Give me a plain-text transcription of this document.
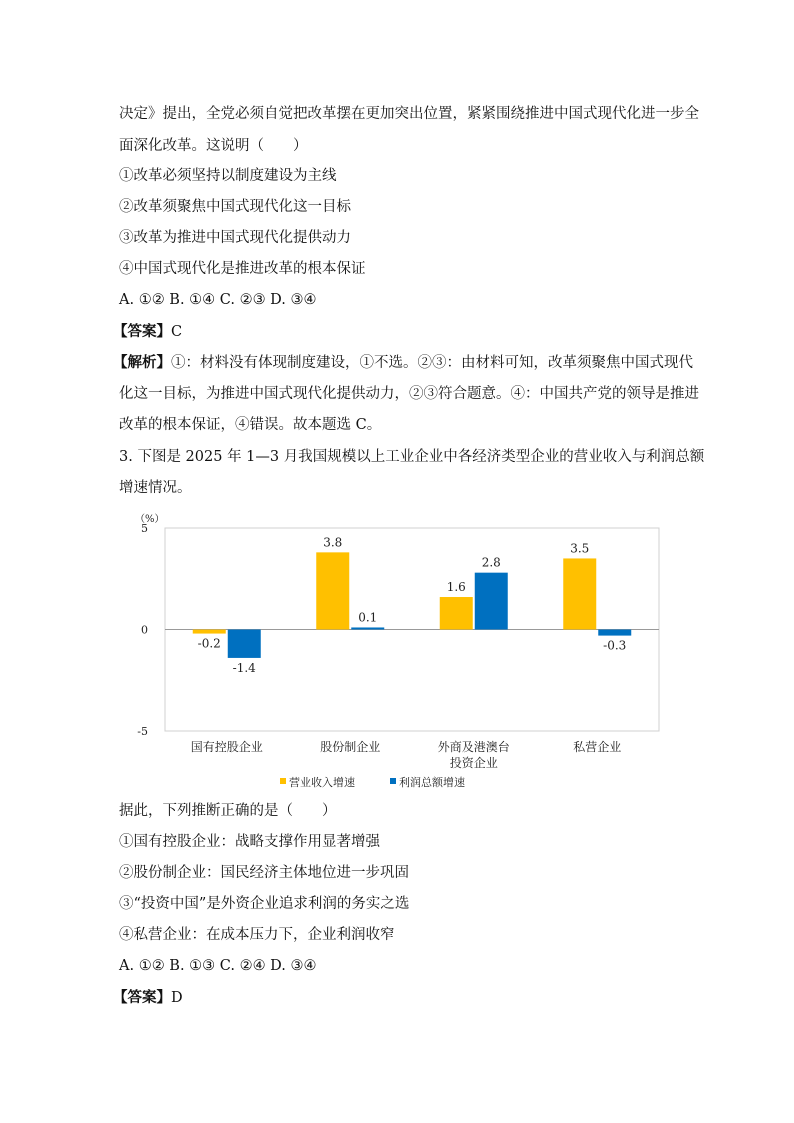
决定》提出，全党必须自觉把改革摆在更加突出位置，紧紧围绕推进中国式现代化进一步全
面深化改革。这说明（　　）
①改革必须坚持以制度建设为主线
②改革须聚焦中国式现代化这一目标
③改革为推进中国式现代化提供动力
④中国式现代化是推进改革的根本保证
A. ①② B. ①④ C. ②③ D. ③④
【答案】C
【解析】①：材料没有体现制度建设，①不选。②③：由材料可知，改革须聚焦中国式现代
化这一目标，为推进中国式现代化提供动力，②③符合题意。④：中国共产党的领导是推进
改革的根本保证，④错误。故本题选 C。
3. 下图是 2025 年 1—3 月我国规模以上工业企业中各经济类型企业的营业收入与利润总额
增速情况。
（%）
5
0
-5
-0.2
3.8
1.6
3.5
-1.4
0.1
2.8
-0.3
国有控股企业	股份制企业	外商及港澳台
投资企业
私营企业
营业收入增速	利润总额增速
据此，下列推断正确的是（　　）
①国有控股企业：战略支撑作用显著增强
②股份制企业：国民经济主体地位进一步巩固
③“投资中国”是外资企业追求利润的务实之选
④私营企业：在成本压力下，企业利润收窄
A. ①② B. ①③ C. ②④ D. ③④
【答案】D
